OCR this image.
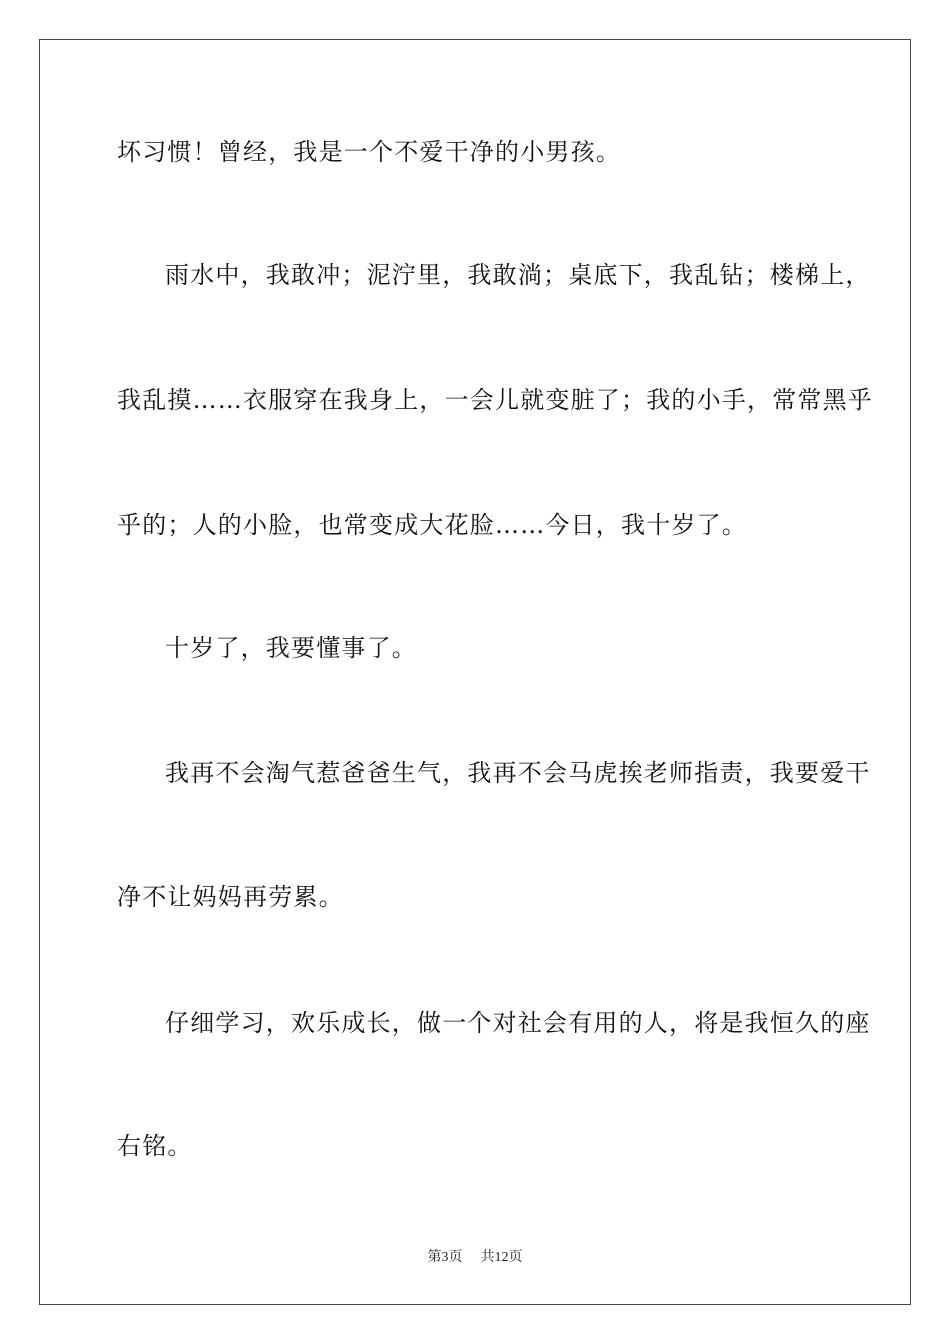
坏习惯！曾经，我是一个不爱干净的小男孩。
雨水中，我敢冲；泥泞里，我敢淌；桌底下，我乱钻；楼梯上，
我乱摸……衣服穿在我身上，一会儿就变脏了；我的小手，常常黑乎
乎的；人的小脸，也常变成大花脸……今日，我十岁了。
十岁了，我要懂事了。
我再不会淘气惹爸爸生气，我再不会马虎挨老师指责，我要爱干
净不让妈妈再劳累。
仔细学习，欢乐成长，做一个对社会有用的人，将是我恒久的座
右铭。
第3页 共12页
